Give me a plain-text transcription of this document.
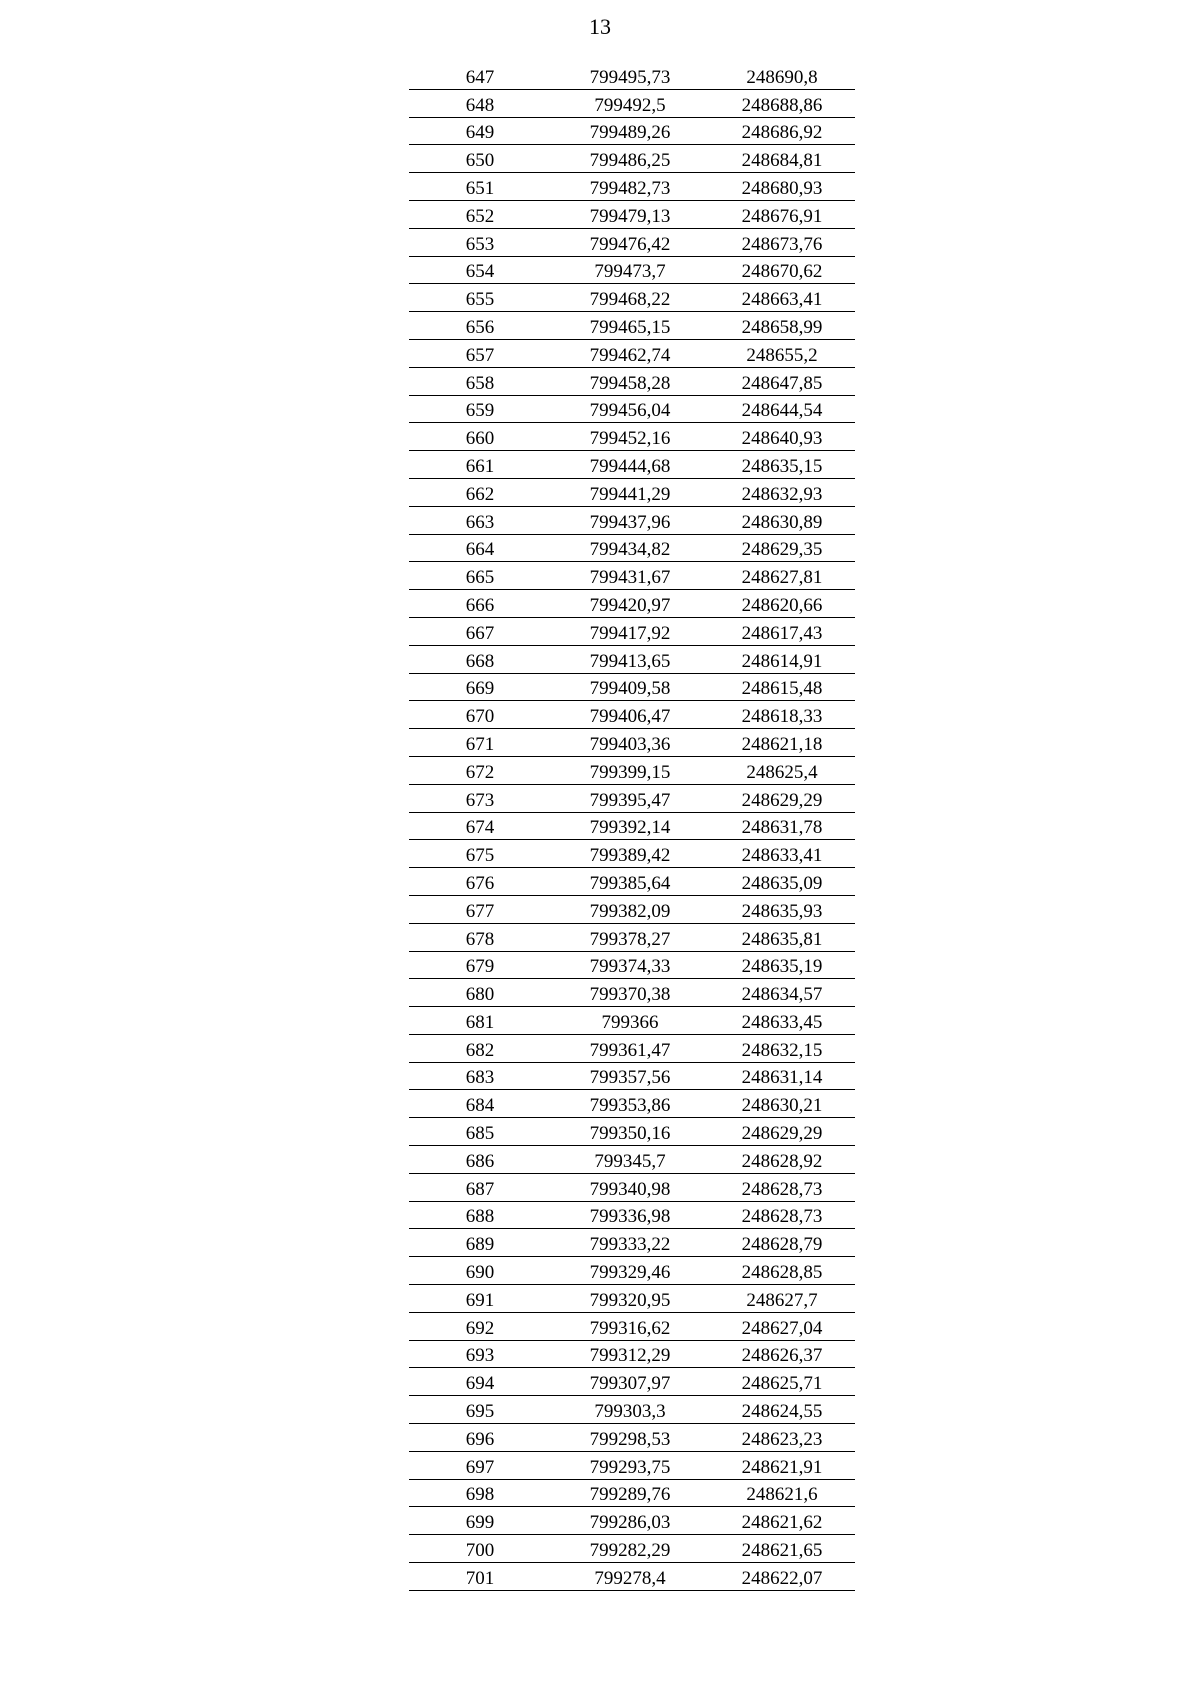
13
647	799495,73	248690,8
648	799492,5	248688,86
649	799489,26	248686,92
650	799486,25	248684,81
651	799482,73	248680,93
652	799479,13	248676,91
653	799476,42	248673,76
654	799473,7	248670,62
655	799468,22	248663,41
656	799465,15	248658,99
657	799462,74	248655,2
658	799458,28	248647,85
659	799456,04	248644,54
660	799452,16	248640,93
661	799444,68	248635,15
662	799441,29	248632,93
663	799437,96	248630,89
664	799434,82	248629,35
665	799431,67	248627,81
666	799420,97	248620,66
667	799417,92	248617,43
668	799413,65	248614,91
669	799409,58	248615,48
670	799406,47	248618,33
671	799403,36	248621,18
672	799399,15	248625,4
673	799395,47	248629,29
674	799392,14	248631,78
675	799389,42	248633,41
676	799385,64	248635,09
677	799382,09	248635,93
678	799378,27	248635,81
679	799374,33	248635,19
680	799370,38	248634,57
681	799366	248633,45
682	799361,47	248632,15
683	799357,56	248631,14
684	799353,86	248630,21
685	799350,16	248629,29
686	799345,7	248628,92
687	799340,98	248628,73
688	799336,98	248628,73
689	799333,22	248628,79
690	799329,46	248628,85
691	799320,95	248627,7
692	799316,62	248627,04
693	799312,29	248626,37
694	799307,97	248625,71
695	799303,3	248624,55
696	799298,53	248623,23
697	799293,75	248621,91
698	799289,76	248621,6
699	799286,03	248621,62
700	799282,29	248621,65
701	799278,4	248622,07
